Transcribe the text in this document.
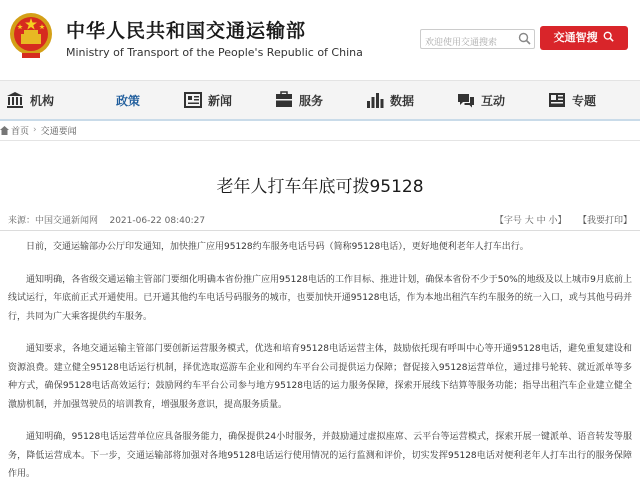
中华人民共和国交通运输部
Ministry of Transport of the People's Republic of China
欢迎使用交通搜索
交通智搜
机构	政策	新闻	服务	数据	互动	专题
首页 › 交通要闻
老年人打车年底可拨95128
来源：中国交通新闻网 2021-06-22 08:40:27	【字号 大 中 小】 【我要打印】

日前，交通运输部办公厅印发通知，加快推广应用95128约车服务电话号码（简称95128电话），更好地便利老年人打车出行。

通知明确，各省级交通运输主管部门要细化明确本省份推广应用95128电话的工作目标、推进计划，确保本省份不少于50%的地级及以上城市9月底前上线试运行，年底前正式开通使用。已开通其他约车电话号码服务的城市，也要加快开通95128电话，作为本地出租汽车约车服务的统一入口，或与其他号码并行，共同为广大乘客提供约车服务。

通知要求，各地交通运输主管部门要创新运营服务模式，优选和培育95128电话运营主体，鼓励依托现有呼叫中心等开通95128电话，避免重复建设和资源浪费。建立健全95128电话运行机制，择优选取巡游车企业和网约车平台公司提供运力保障；督促接入95128运营单位，通过排号轮转、就近派单等多种方式，确保95128电话高效运行；鼓励网约车平台公司参与地方95128电话的运力服务保障，探索开展线下结算等服务功能；指导出租汽车企业建立健全激励机制，并加强驾驶员的培训教育，增强服务意识，提高服务质量。

通知明确，95128电话运营单位应具备服务能力，确保提供24小时服务，并鼓励通过虚拟座席、云平台等运营模式，探索开展一键派单、语音转发等服务，降低运营成本。下一步，交通运输部将加强对各地95128电话运行使用情况的运行监测和评价，切实发挥95128电话对便利老年人打车出行的服务保障作用。
